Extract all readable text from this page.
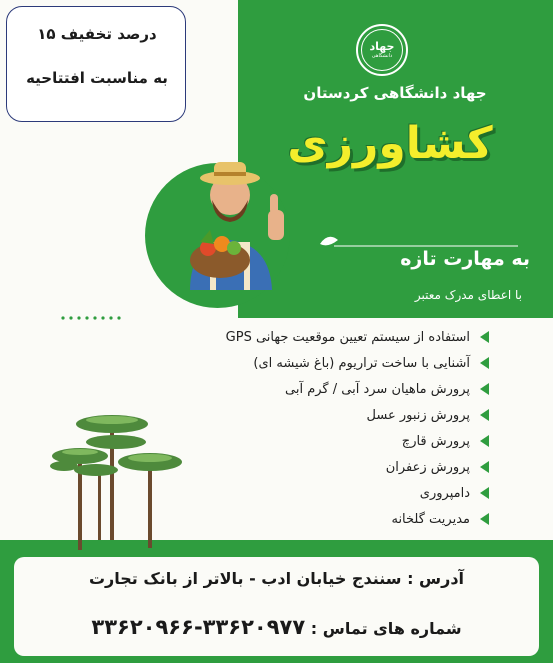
۱۵ درصد تخفیف
به مناسبت افتتاحیه
جهاد
دانشگاهی
جهاد دانشگاهی کردستان
کشاورزی
به مهارت تازه
با اعطای مدرک معتبر
استفاده از سیستم تعیین موقعیت جهانی GPS
آشنایی با ساخت تراریوم (باغ شیشه ای)
پرورش ماهیان سرد آبی / گرم آبی
پرورش زنبور عسل
پرورش قارچ
پرورش زعفران
دامپروری
مدیریت گلخانه
آدرس : سنندج خیابان ادب - بالاتر از بانک تجارت
شماره های تماس : ۳۳۶۲۰۹۷۷-۳۳۶۲۰۹۶۶
